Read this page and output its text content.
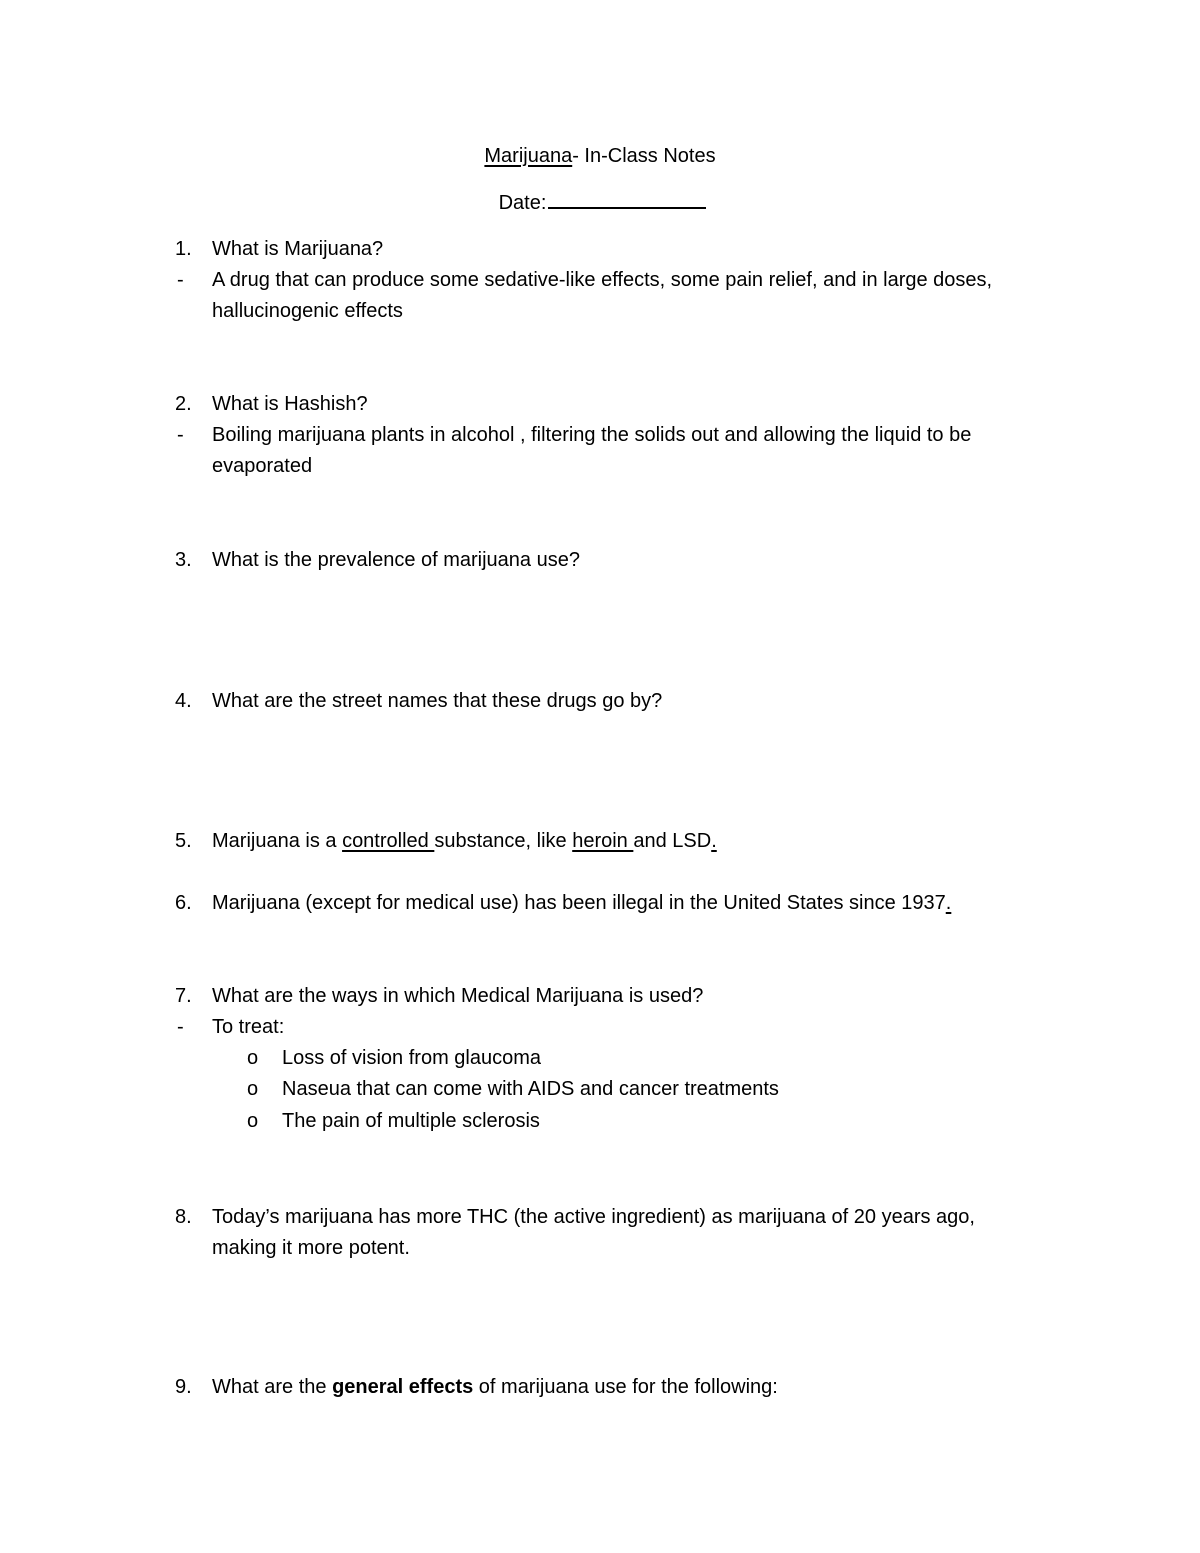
Marijuana- In-Class Notes
Date:
1.	What is Marijuana?
- A drug that can produce some sedative-like effects, some pain relief, and in large doses,
hallucinogenic effects
2.	What is Hashish?
- Boiling marijuana plants in alcohol , filtering the solids out and allowing the liquid to be
evaporated
3.	What is the prevalence of marijuana use?
4.	What are the street names that these drugs go by?
5.	Marijuana is a controlled substance, like heroin and LSD.
6.	Marijuana (except for medical use) has been illegal in the United States since 1937.
7.	What are the ways in which Medical Marijuana is used?
- To treat:
o Loss of vision from glaucoma
o Naseua that can come with AIDS and cancer treatments
o The pain of multiple sclerosis
8.	Today’s marijuana has more THC (the active ingredient) as marijuana of 20 years ago,
making it more potent.
9.	What are the general effects of marijuana use for the following:
